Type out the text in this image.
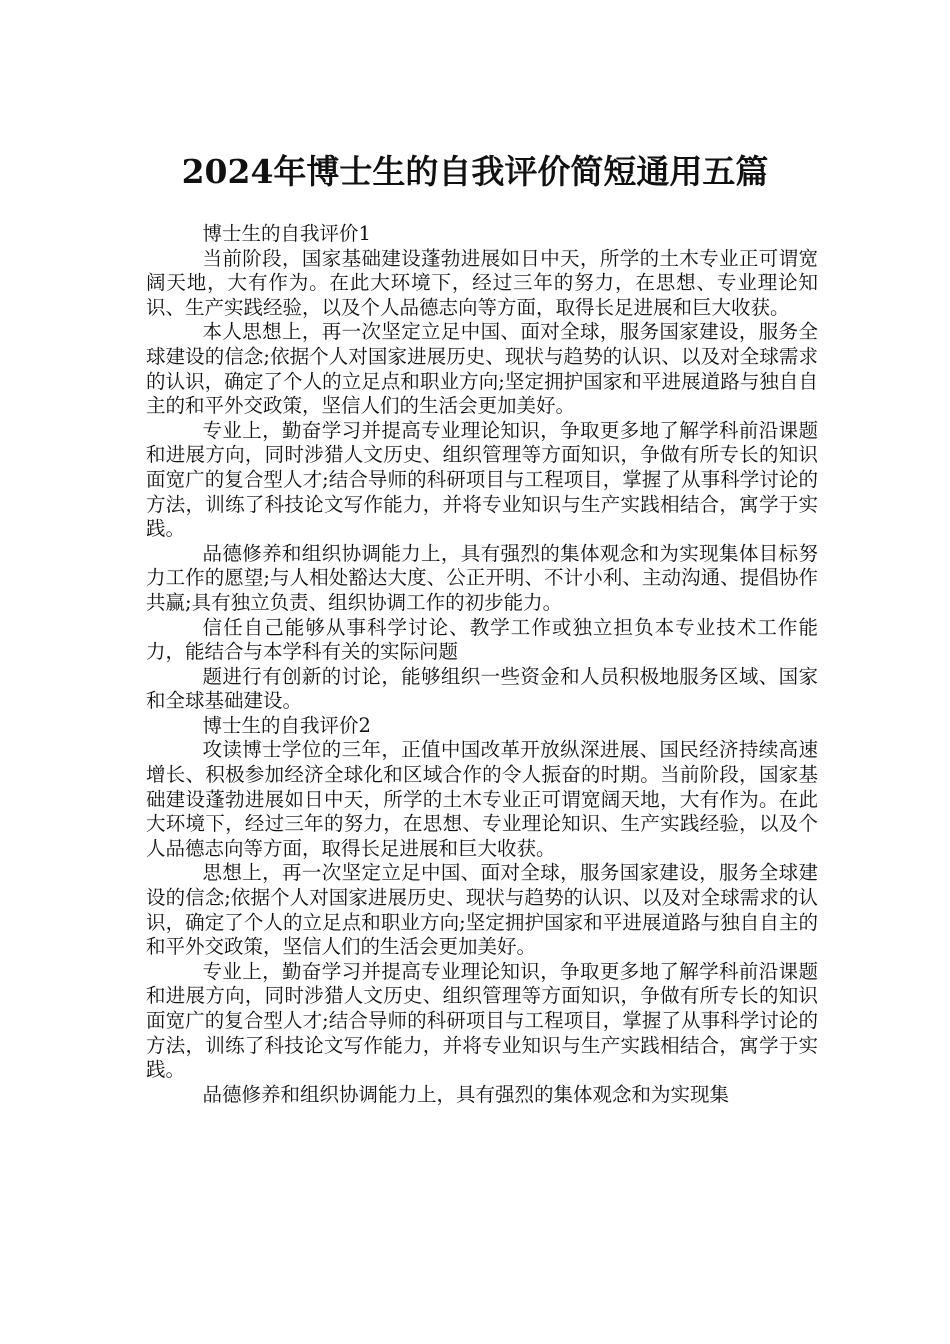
2024年博士生的自我评价简短通用五篇

博士生的自我评价1

当前阶段，国家基础建设蓬勃进展如日中天，所学的土木专业正可谓宽阔天地，大有作为。在此大环境下，经过三年的努力，在思想、专业理论知识、生产实践经验，以及个人品德志向等方面，取得长足进展和巨大收获。

本人思想上，再一次坚定立足中国、面对全球，服务国家建设，服务全球建设的信念;依据个人对国家进展历史、现状与趋势的认识、以及对全球需求的认识，确定了个人的立足点和职业方向;坚定拥护国家和平进展道路与独自自主的和平外交政策，坚信人们的生活会更加美好。

专业上，勤奋学习并提高专业理论知识，争取更多地了解学科前沿课题和进展方向，同时涉猎人文历史、组织管理等方面知识，争做有所专长的知识面宽广的复合型人才;结合导师的科研项目与工程项目，掌握了从事科学讨论的方法，训练了科技论文写作能力，并将专业知识与生产实践相结合，寓学于实践。

品德修养和组织协调能力上，具有强烈的集体观念和为实现集体目标努力工作的愿望;与人相处豁达大度、公正开明、不计小利、主动沟通、提倡协作共赢;具有独立负责、组织协调工作的初步能力。

信任自己能够从事科学讨论、教学工作或独立担负本专业技术工作能力，能结合与本学科有关的实际问题

题进行有创新的讨论，能够组织一些资金和人员积极地服务区域、国家和全球基础建设。

博士生的自我评价2

攻读博士学位的三年，正值中国改革开放纵深进展、国民经济持续高速增长、积极参加经济全球化和区域合作的令人振奋的时期。当前阶段，国家基础建设蓬勃进展如日中天，所学的土木专业正可谓宽阔天地，大有作为。在此大环境下，经过三年的努力，在思想、专业理论知识、生产实践经验，以及个人品德志向等方面，取得长足进展和巨大收获。

思想上，再一次坚定立足中国、面对全球，服务国家建设，服务全球建设的信念;依据个人对国家进展历史、现状与趋势的认识、以及对全球需求的认识，确定了个人的立足点和职业方向;坚定拥护国家和平进展道路与独自自主的和平外交政策，坚信人们的生活会更加美好。

专业上，勤奋学习并提高专业理论知识，争取更多地了解学科前沿课题和进展方向，同时涉猎人文历史、组织管理等方面知识，争做有所专长的知识面宽广的复合型人才;结合导师的科研项目与工程项目，掌握了从事科学讨论的方法，训练了科技论文写作能力，并将专业知识与生产实践相结合，寓学于实践。

品德修养和组织协调能力上，具有强烈的集体观念和为实现集
